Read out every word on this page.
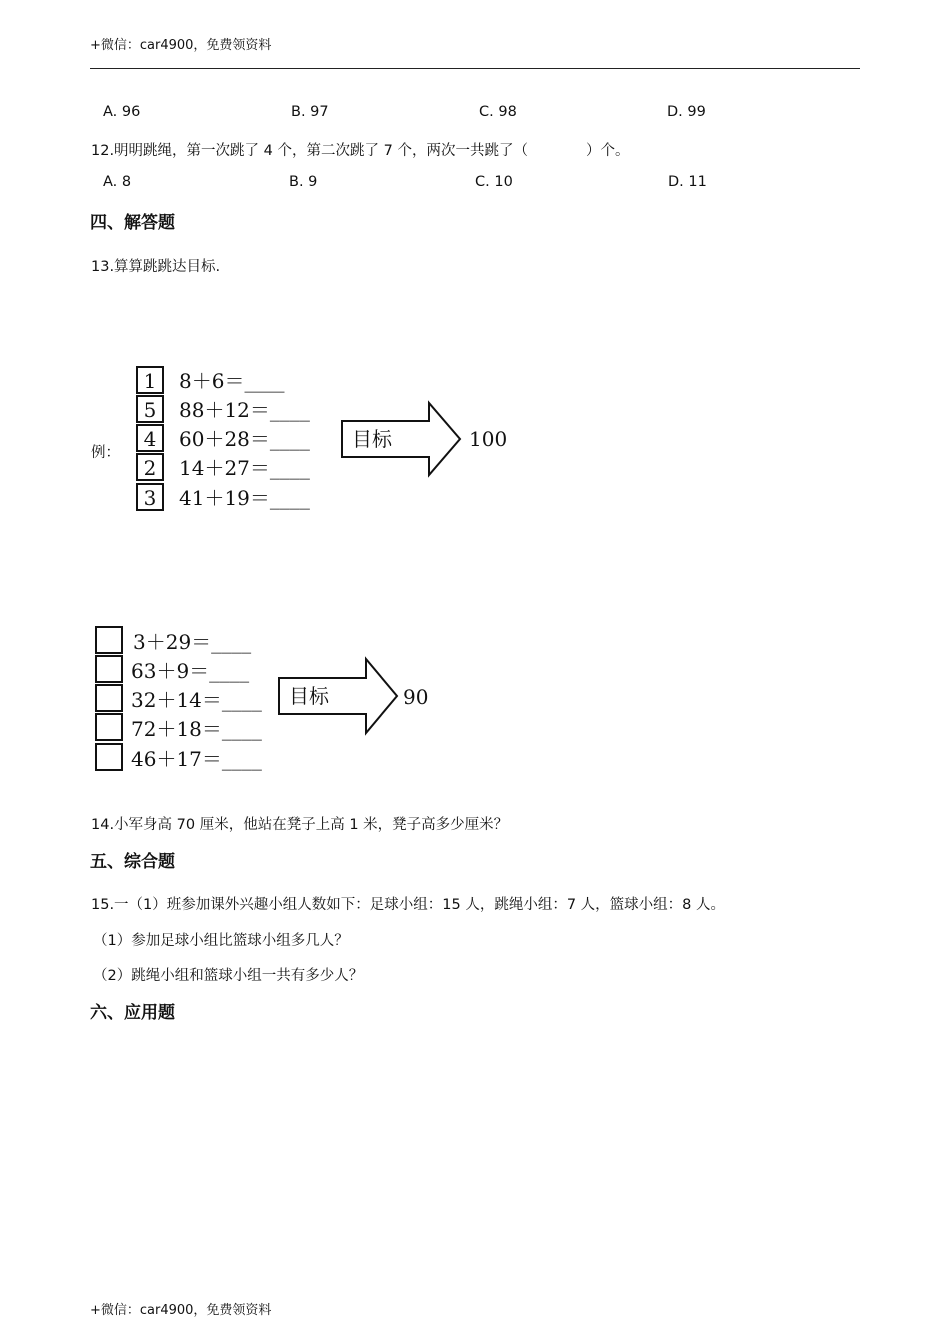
+微信：car4900，免费领资料
A. 96	B. 97	C. 98	D. 99
12.明明跳绳，第一次跳了 4 个，第二次跳了 7 个，两次一共跳了（　　　　）个。
A. 8	B. 9	C. 10	D. 11
四、解答题
13.算算跳跳达目标.
例：
1
5
4
2
3
8＋6＝____
88＋12＝____
60＋28＝____
14＋27＝____
41＋19＝____
目标	100
3＋29＝____
63＋9＝____
32＋14＝____
72＋18＝____
46＋17＝____
目标	90
14.小军身高 70 厘米，他站在凳子上高 1 米，凳子高多少厘米？
五、综合题
15.一（1）班参加课外兴趣小组人数如下：足球小组：15 人，跳绳小组：7 人，篮球小组：8 人。
（1）参加足球小组比篮球小组多几人？
（2）跳绳小组和篮球小组一共有多少人？
六、应用题
+微信：car4900，免费领资料
